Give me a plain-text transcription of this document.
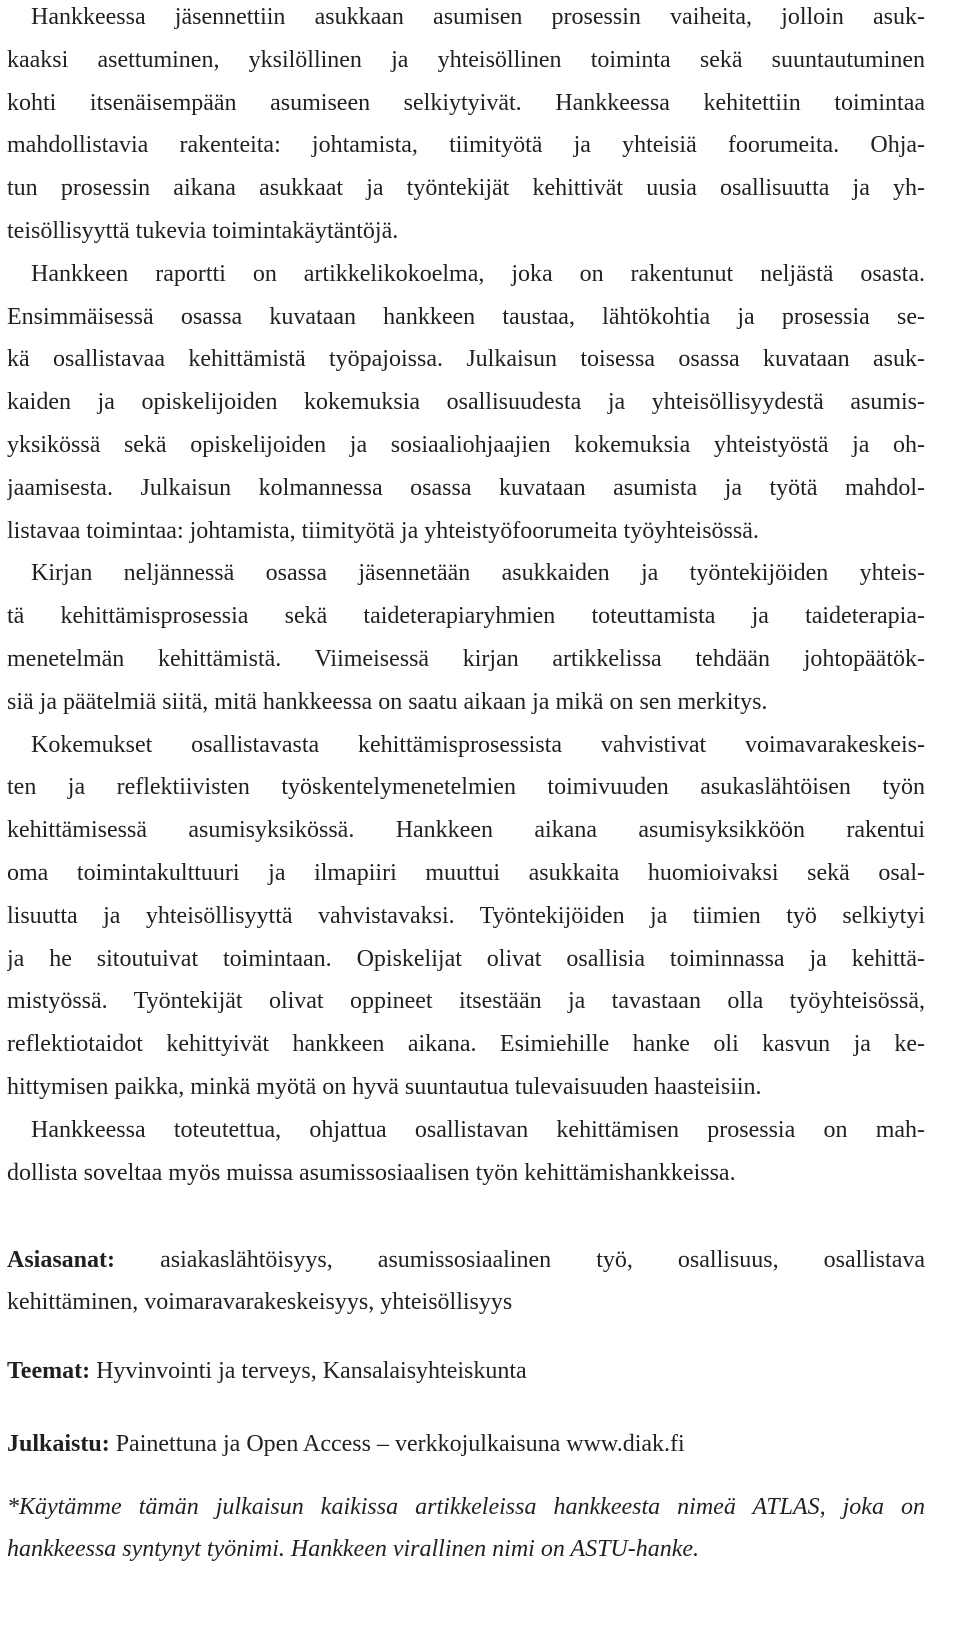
Hankkeessa jäsennettiin asukkaan asumisen prosessin vaiheita, jolloin asuk-
kaaksi asettuminen, yksilöllinen ja yhteisöllinen toiminta sekä suuntautuminen
kohti itsenäisempään asumiseen selkiytyivät. Hankkeessa kehitettiin toimintaa
mahdollistavia rakenteita: johtamista, tiimityötä ja yhteisiä foorumeita. Ohja-
tun prosessin aikana asukkaat ja työntekijät kehittivät uusia osallisuutta ja yh-
teisöllisyyttä tukevia toimintakäytäntöjä.
Hankkeen raportti on artikkelikokoelma, joka on rakentunut neljästä osasta.
Ensimmäisessä osassa kuvataan hankkeen taustaa, lähtökohtia ja prosessia se-
kä osallistavaa kehittämistä työpajoissa. Julkaisun toisessa osassa kuvataan asuk-
kaiden ja opiskelijoiden kokemuksia osallisuudesta ja yhteisöllisyydestä asumis-
yksikössä sekä opiskelijoiden ja sosiaaliohjaajien kokemuksia yhteistyöstä ja oh-
jaamisesta. Julkaisun kolmannessa osassa kuvataan asumista ja työtä mahdol-
listavaa toimintaa: johtamista, tiimityötä ja yhteistyöfoorumeita työyhteisössä.
Kirjan neljännessä osassa jäsennetään asukkaiden ja työntekijöiden yhteis-
tä kehittämisprosessia sekä taideterapiaryhmien toteuttamista ja taideterapia-
menetelmän kehittämistä. Viimeisessä kirjan artikkelissa tehdään johtopäätök-
siä ja päätelmiä siitä, mitä hankkeessa on saatu aikaan ja mikä on sen merkitys.
Kokemukset osallistavasta kehittämisprosessista vahvistivat voimavarakeskeis-
ten ja reflektiivisten työskentelymenetelmien toimivuuden asukaslähtöisen työn
kehittämisessä asumisyksikössä. Hankkeen aikana asumisyksikköön rakentui
oma toimintakulttuuri ja ilmapiiri muuttui asukkaita huomioivaksi sekä osal-
lisuutta ja yhteisöllisyyttä vahvistavaksi. Työntekijöiden ja tiimien työ selkiytyi
ja he sitoutuivat toimintaan. Opiskelijat olivat osallisia toiminnassa ja kehittä-
mistyössä. Työntekijät olivat oppineet itsestään ja tavastaan olla työyhteisössä,
reflektiotaidot kehittyivät hankkeen aikana. Esimiehille hanke oli kasvun ja ke-
hittymisen paikka, minkä myötä on hyvä suuntautua tulevaisuuden haasteisiin.
Hankkeessa toteutettua, ohjattua osallistavan kehittämisen prosessia on mah-
dollista soveltaa myös muissa asumissosiaalisen työn kehittämishankkeissa.
Asiasanat: asiakaslähtöisyys, asumissosiaalinen työ, osallisuus, osallistava
kehittäminen, voimaravarakeskeisyys, yhteisöllisyys
Teemat: Hyvinvointi ja terveys, Kansalaisyhteiskunta
Julkaistu: Painettuna ja Open Access – verkkojulkaisuna www.diak.fi
*Käytämme tämän julkaisun kaikissa artikkeleissa hankkeesta nimeä ATLAS, joka on
hankkeessa syntynyt työnimi. Hankkeen virallinen nimi on ASTU-hanke.
